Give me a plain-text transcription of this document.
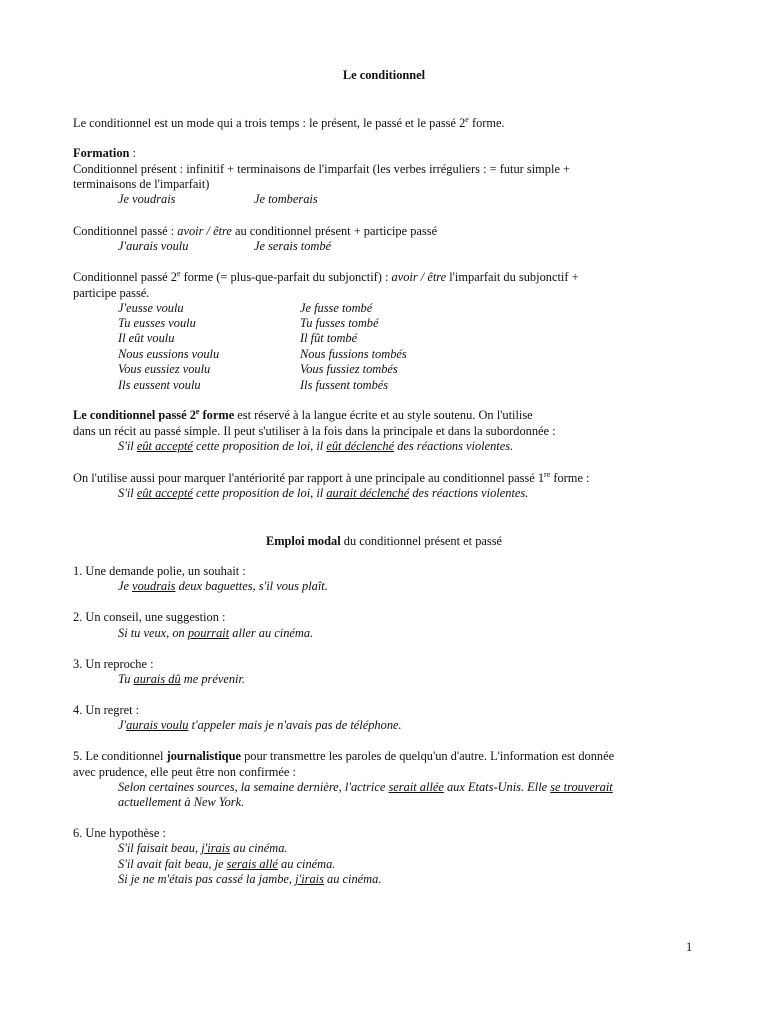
Le conditionnel
Le conditionnel est un mode qui a trois temps : le présent, le passé et le passé 2e forme.
Formation :
Conditionnel présent : infinitif + terminaisons de l'imparfait (les verbes irréguliers : = futur simple +
terminaisons de l'imparfait)
Je voudrais	Je tomberais
Conditionnel passé : avoir / être au conditionnel présent + participe passé
J'aurais voulu	Je serais tombé
Conditionnel passé 2e forme (= plus-que-parfait du subjonctif) : avoir / être l'imparfait du subjonctif +
participe passé.
J'eusse voulu
Tu eusses voulu
Il eût voulu
Nous eussions voulu
Vous eussiez voulu
Ils eussent voulu
Je fusse tombé
Tu fusses tombé
Il fût tombé
Nous fussions tombés
Vous fussiez tombés
Ils fussent tombés
Le conditionnel passé 2e forme est réservé à la langue écrite et au style soutenu. On l'utilise
dans un récit au passé simple. Il peut s'utiliser à la fois dans la principale et dans la subordonnée :
S'il eût accepté cette proposition de loi, il eût déclenché des réactions violentes.
On l'utilise aussi pour marquer l'antériorité par rapport à une principale au conditionnel passé 1re forme :
S'il eût accepté cette proposition de loi, il aurait déclenché des réactions violentes.
Emploi modal du conditionnel présent et passé
1. Une demande polie, un souhait :
Je voudrais deux baguettes, s'il vous plaît.
2. Un conseil, une suggestion :
Si tu veux, on pourrait aller au cinéma.
3. Un reproche :
Tu aurais dû me prévenir.
4. Un regret :
J'aurais voulu t'appeler mais je n'avais pas de téléphone.
5. Le conditionnel journalistique pour transmettre les paroles de quelqu'un d'autre. L'information est donnée
avec prudence, elle peut être non confirmée :
Selon certaines sources, la semaine dernière, l'actrice serait allée aux Etats-Unis. Elle se trouverait
actuellement à New York.
6. Une hypothèse :
S'il faisait beau, j'irais au cinéma.
S'il avait fait beau, je serais allé au cinéma.
Si je ne m'étais pas cassé la jambe, j'irais au cinéma.
1
